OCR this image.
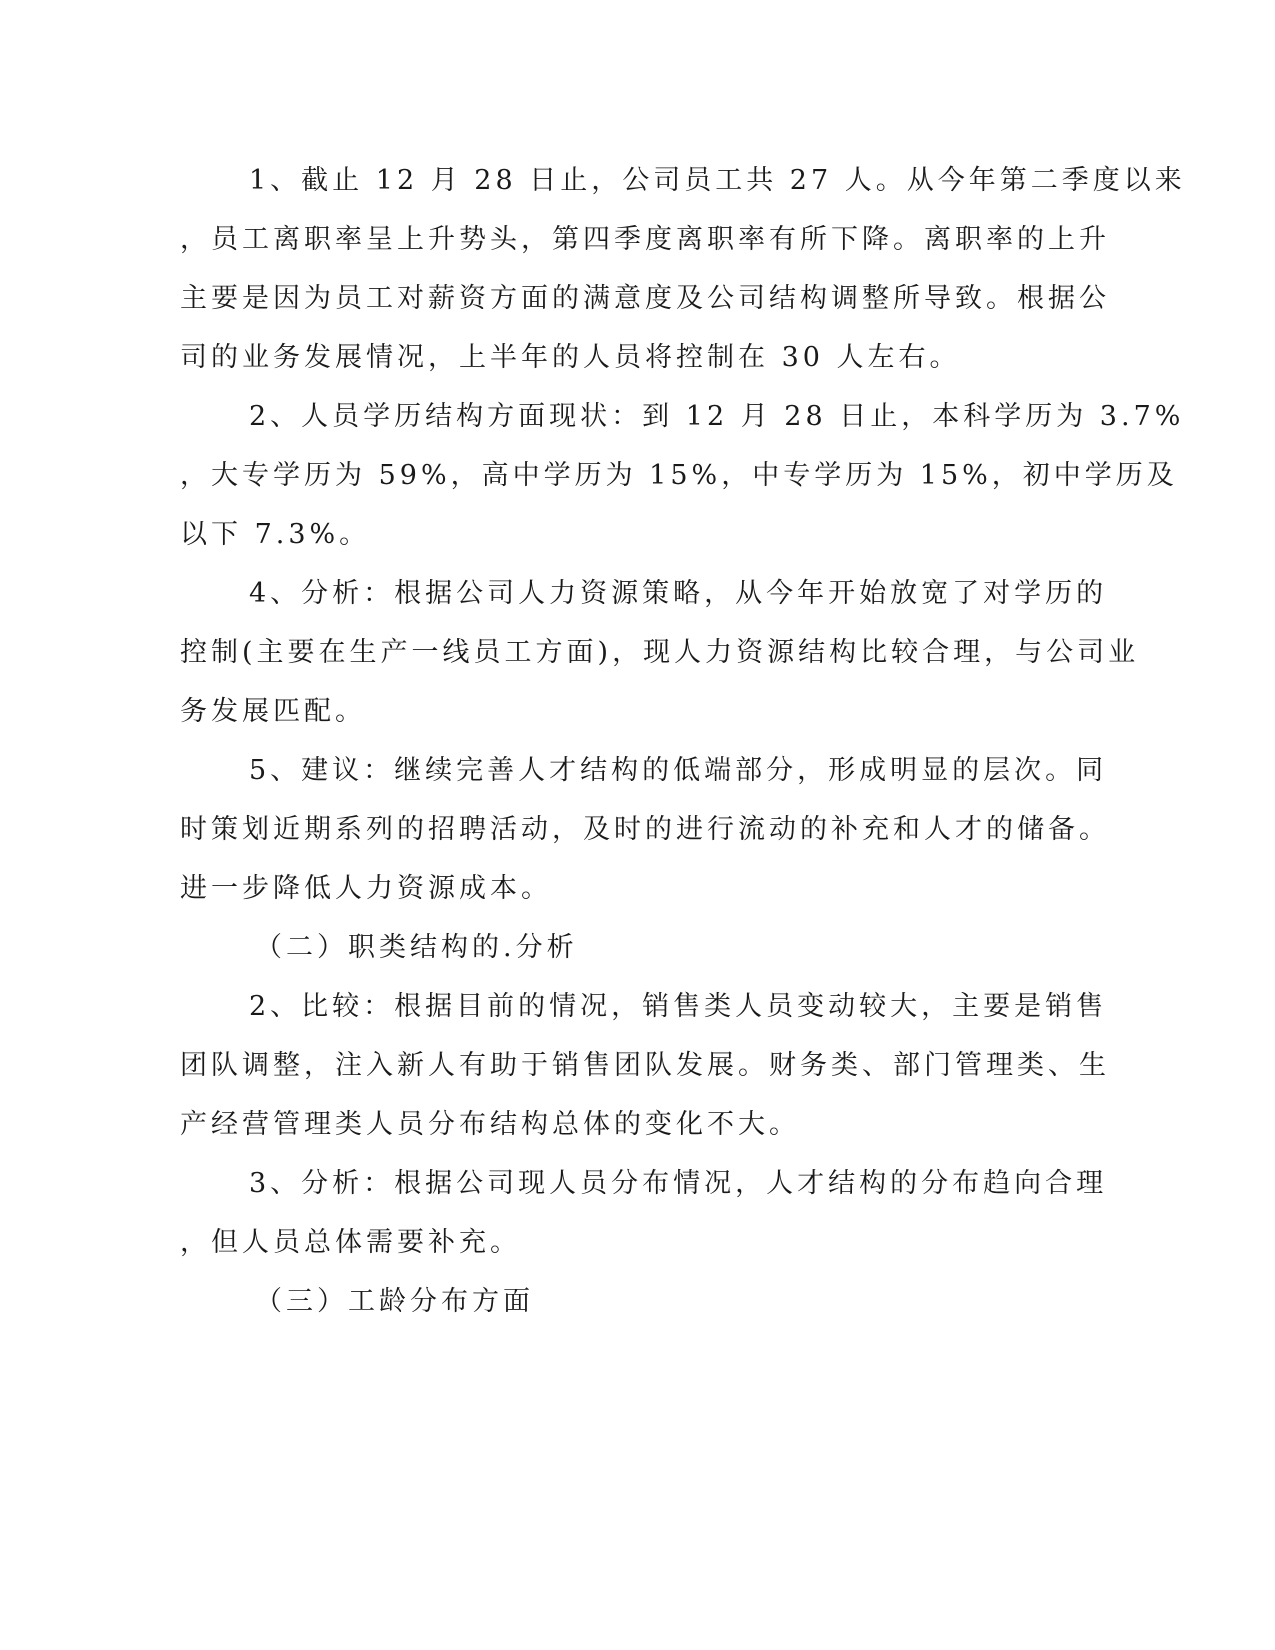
1、截止 12 月 28 日止，公司员工共 27 人。从今年第二季度以来
，员工离职率呈上升势头，第四季度离职率有所下降。离职率的上升
主要是因为员工对薪资方面的满意度及公司结构调整所导致。根据公
司的业务发展情况，上半年的人员将控制在 30 人左右。
2、人员学历结构方面现状：到 12 月 28 日止，本科学历为 3.7%
，大专学历为 59%，高中学历为 15%，中专学历为 15%，初中学历及
以下 7.3%。
4、分析：根据公司人力资源策略，从今年开始放宽了对学历的
控制(主要在生产一线员工方面)，现人力资源结构比较合理，与公司业
务发展匹配。
5、建议：继续完善人才结构的低端部分，形成明显的层次。同
时策划近期系列的招聘活动，及时的进行流动的补充和人才的储备。
进一步降低人力资源成本。
（二）职类结构的.分析
2、比较：根据目前的情况，销售类人员变动较大，主要是销售
团队调整，注入新人有助于销售团队发展。财务类、部门管理类、生
产经营管理类人员分布结构总体的变化不大。
3、分析：根据公司现人员分布情况，人才结构的分布趋向合理
，但人员总体需要补充。
（三）工龄分布方面
